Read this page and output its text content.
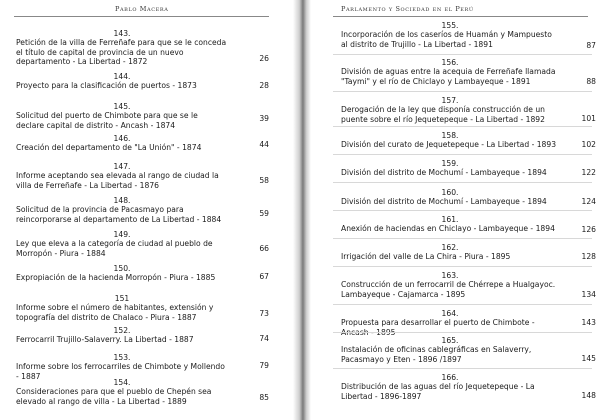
Pablo Macera
143.
Petición de la villa de Ferreñafe para que se le conceda el título de capital de provincia de un nuevo departamento - La Libertad - 1872	26
144.
Proyecto para la clasificación de puertos - 1873	28
145.
Solicitud del puerto de Chimbote para que se le declare capital de distrito - Ancash - 1874
39
146.
Creación del departamento de "La Unión" - 1874	44
147.
Informe aceptando sea elevada al rango de ciudad la villa de Ferreñafe - La Libertad - 1876	58
148.
Solicitud de la provincia de Pacasmayo para reincorporarse al departamento de La Libertad - 1884
59
149.
Ley que eleva a la categoría de ciudad al pueblo de Morropón - Piura - 1884	66
150.
Expropiación de la hacienda Morropón - Piura - 1885	67
151
Informe sobre el número de habitantes, extensión y topografía del distrito de Chalaco - Piura - 1887	73
152.
Ferrocarril Trujillo-Salaverry. La Libertad - 1887	74
153.
Informe sobre los ferrocarriles de Chimbote y Mollendo - 1887
79
154.
Consideraciones para que el pueblo de Chepén sea elevado al rango de villa - La Libertad - 1889	85
Parlamento y Sociedad en el Perú
155.
Incorporación de los caseríos de Huamán y Mampuesto al distrito de Trujillo - La Libertad - 1891	87
156.
División de aguas entre la acequia de Ferreñafe llamada "Taymi" y el río de Chiclayo y Lambayeque - 1891	88
157.
Derogación de la ley que disponía construcción de un puente sobre el río Jequetepeque - La Libertad - 1892	101
158.
División del curato de Jequetepeque - La Libertad - 1893	102
159.
División del distrito de Mochumí - Lambayeque - 1894	122
160.
División del distrito de Mochumí - Lambayeque - 1894	124
161.
Anexión de haciendas en Chiclayo - Lambayeque - 1894	126
162.
Irrigación del valle de La Chira - Piura - 1895	128
163.
Construcción de un ferrocarril de Chérrepe a Hualgayoc. Lambayeque - Cajamarca - 1895	134
164.
Propuesta para desarrollar el puerto de Chimbote - Ancash - 1895
143
165.
Instalación de oficinas cablegráficas en Salaverry, Pacasmayo y Eten - 1896 /1897	145
166.
Distribución de las aguas del río Jequetepeque - La Libertad - 1896-1897	148
